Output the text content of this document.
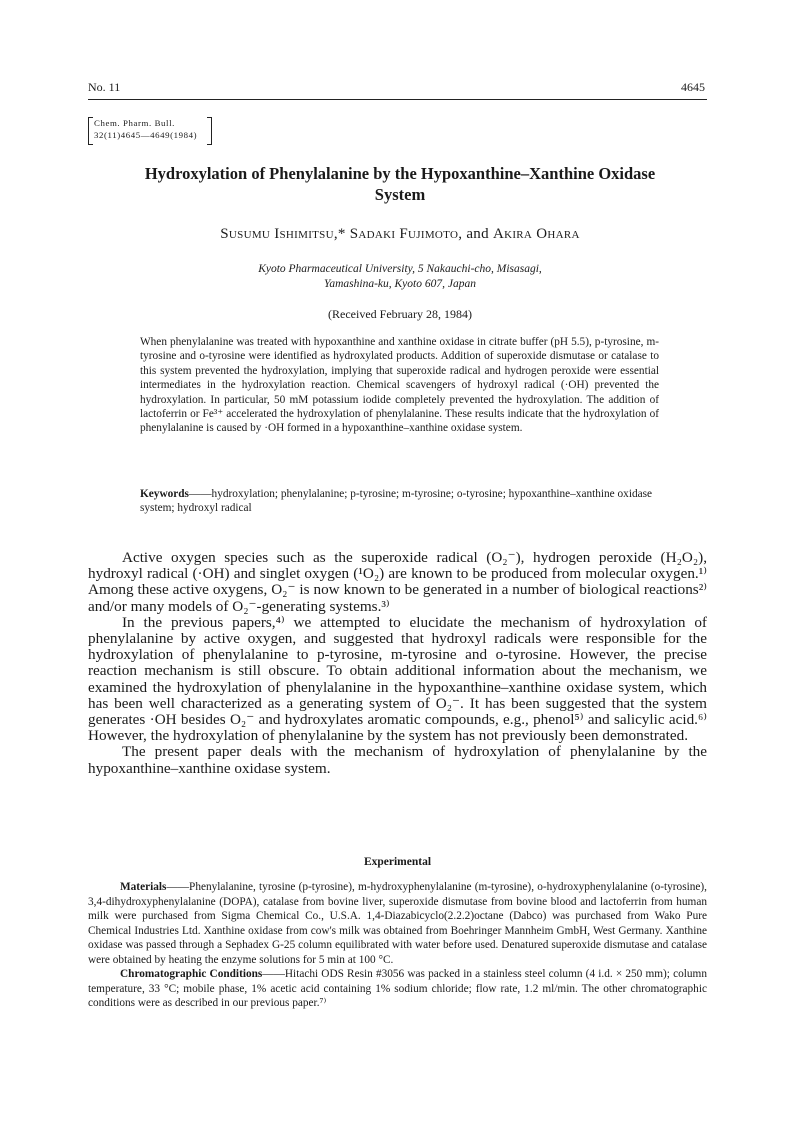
No. 11	4645
Chem. Pharm. Bull.
32(11)4645—4649(1984)
Hydroxylation of Phenylalanine by the Hypoxanthine–Xanthine Oxidase System
Susumu Ishimitsu,* Sadaki Fujimoto, and Akira Ohara
Kyoto Pharmaceutical University, 5 Nakauchi-cho, Misasagi,
Yamashina-ku, Kyoto 607, Japan
(Received February 28, 1984)

When phenylalanine was treated with hypoxanthine and xanthine oxidase in citrate buffer (pH 5.5), p-tyrosine, m-tyrosine and o-tyrosine were identified as hydroxylated products. Addition of superoxide dismutase or catalase to this system prevented the hydroxylation, implying that superoxide radical and hydrogen peroxide were essential intermediates in the hydroxylation reaction. Chemical scavengers of hydroxyl radical (·OH) prevented the hydroxylation. In particular, 50 mM potassium iodide completely prevented the hydroxylation. The addition of lactoferrin or Fe³⁺ accelerated the hydroxylation of phenylalanine. These results indicate that the hydroxylation of phenylalanine is caused by ·OH formed in a hypoxanthine–xanthine oxidase system.

Keywords——hydroxylation; phenylalanine; p-tyrosine; m-tyrosine; o-tyrosine; hypoxanthine–xanthine oxidase system; hydroxyl radical

Active oxygen species such as the superoxide radical (O₂⁻), hydrogen peroxide (H₂O₂), hydroxyl radical (·OH) and singlet oxygen (¹O₂) are known to be produced from molecular oxygen.¹⁾ Among these active oxygens, O₂⁻ is now known to be generated in a number of biological reactions²⁾ and/or many models of O₂⁻-generating systems.³⁾

In the previous papers,⁴⁾ we attempted to elucidate the mechanism of hydroxylation of phenylalanine by active oxygen, and suggested that hydroxyl radicals were responsible for the hydroxylation of phenylalanine to p-tyrosine, m-tyrosine and o-tyrosine. However, the precise reaction mechanism is still obscure. To obtain additional information about the mechanism, we examined the hydroxylation of phenylalanine in the hypoxanthine–xanthine oxidase system, which has been well characterized as a generating system of O₂⁻. It has been suggested that the system generates ·OH besides O₂⁻ and hydroxylates aromatic compounds, e.g., phenol⁵⁾ and salicylic acid.⁶⁾ However, the hydroxylation of phenylalanine by the system has not previously been demonstrated.

The present paper deals with the mechanism of hydroxylation of phenylalanine by the hypoxanthine–xanthine oxidase system.

Experimental

Materials——Phenylalanine, tyrosine (p-tyrosine), m-hydroxyphenylalanine (m-tyrosine), o-hydroxyphenylalanine (o-tyrosine), 3,4-dihydroxyphenylalanine (DOPA), catalase from bovine liver, superoxide dismutase from bovine blood and lactoferrin from human milk were purchased from Sigma Chemical Co., U.S.A. 1,4-Diazabicyclo(2.2.2)octane (Dabco) was purchased from Wako Pure Chemical Industries Ltd. Xanthine oxidase from cow's milk was obtained from Boehringer Mannheim GmbH, West Germany. Xanthine oxidase was passed through a Sephadex G-25 column equilibrated with water before used. Denatured superoxide dismutase and catalase were obtained by heating the enzyme solutions for 5 min at 100 °C.

Chromatographic Conditions——Hitachi ODS Resin #3056 was packed in a stainless steel column (4 i.d. × 250 mm); column temperature, 33 °C; mobile phase, 1% acetic acid containing 1% sodium chloride; flow rate, 1.2 ml/min. The other chromatographic conditions were as described in our previous paper.⁷⁾
